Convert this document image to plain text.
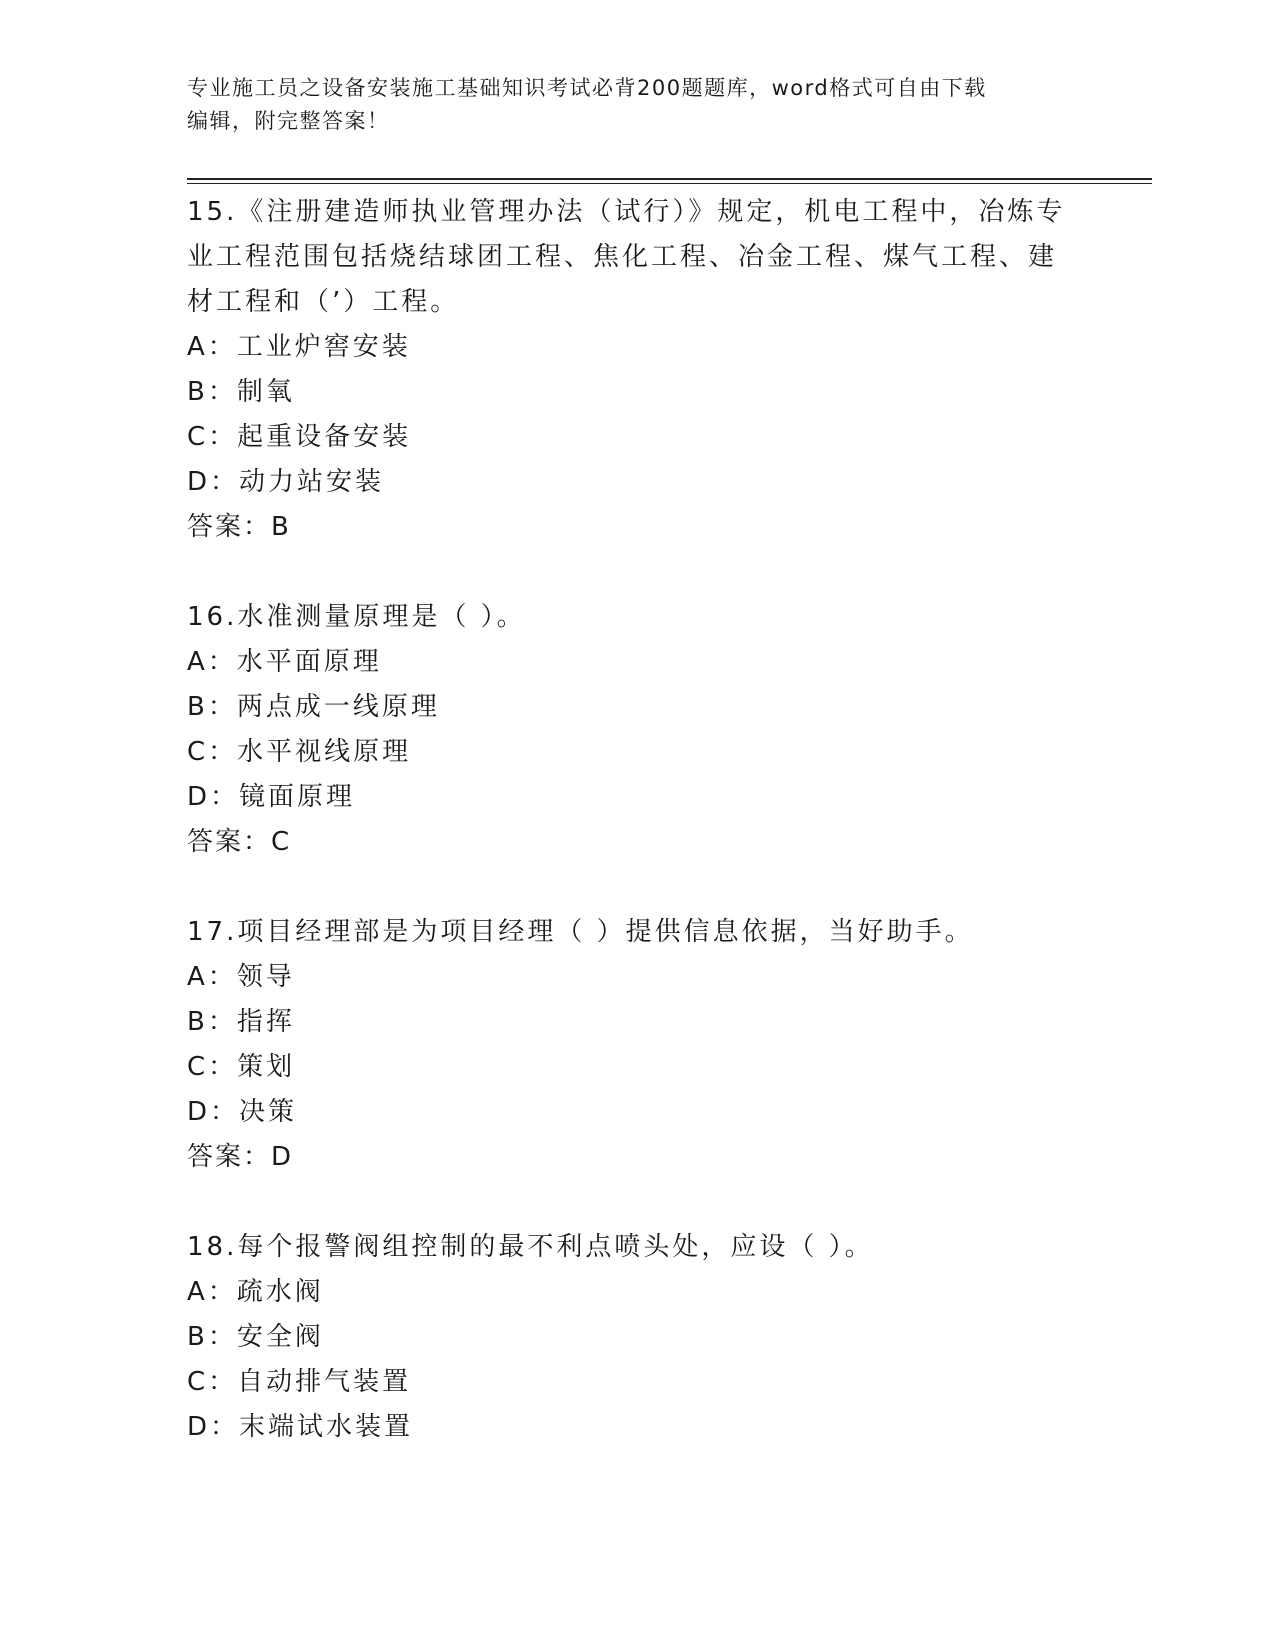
专业施工员之设备安装施工基础知识考试必背200题题库，word格式可自由下载
编辑，附完整答案！
15.《注册建造师执业管理办法（试行）》规定，机电工程中，冶炼专
业工程范围包括烧结球团工程、焦化工程、冶金工程、煤气工程、建
材工程和（’）工程。
A：工业炉窖安装
B：制氧
C：起重设备安装
D：动力站安装
答案：B
16.水准测量原理是（ ）。
A：水平面原理
B：两点成一线原理
C：水平视线原理
D：镜面原理
答案：C
17.项目经理部是为项目经理（ ）提供信息依据，当好助手。
A：领导
B：指挥
C：策划
D：决策
答案：D
18.每个报警阀组控制的最不利点喷头处，应设（ ）。
A：疏水阀
B：安全阀
C：自动排气装置
D：末端试水装置
